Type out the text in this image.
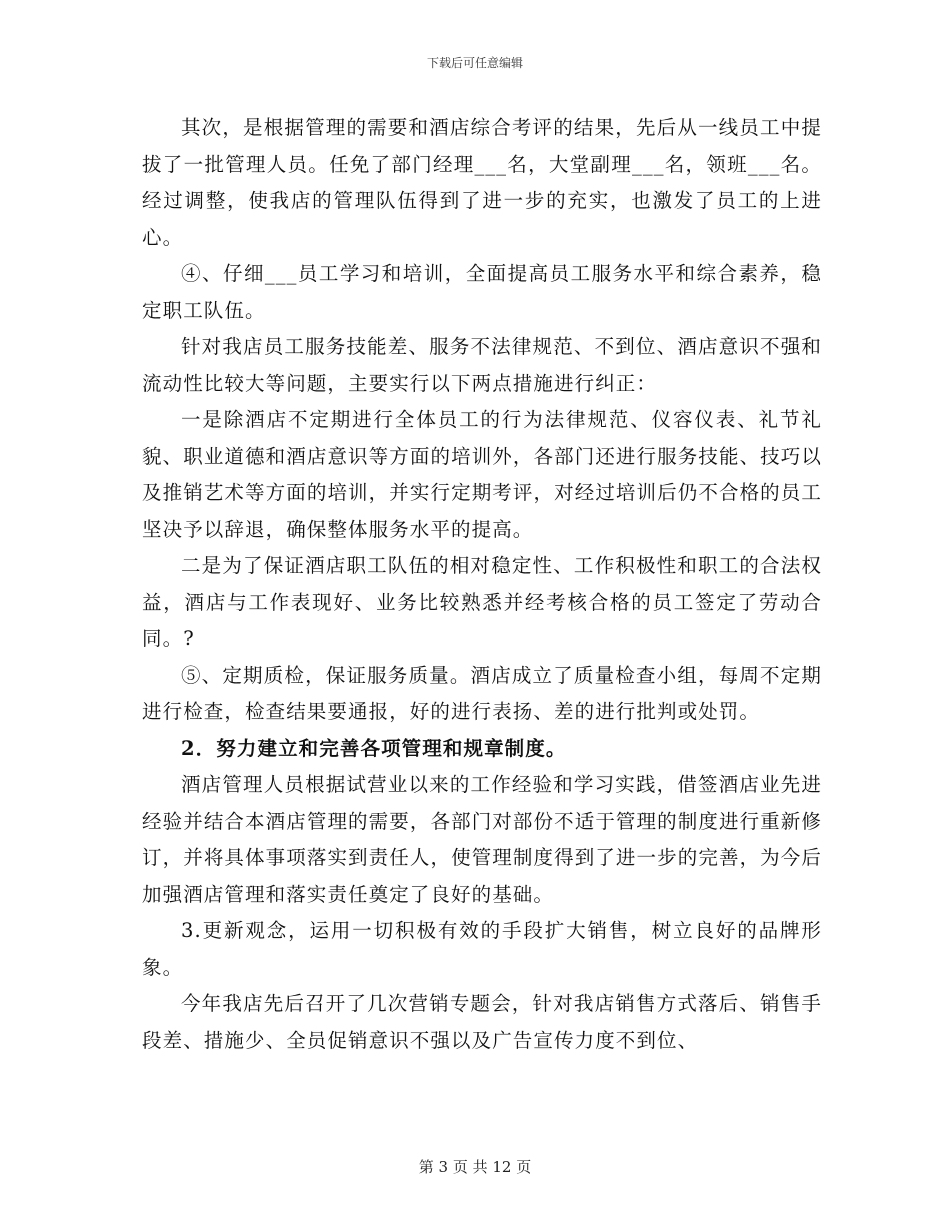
下载后可任意编辑

其次，是根据管理的需要和酒店综合考评的结果，先后从一线员工中提拔了一批管理人员。任免了部门经理___名，大堂副理___名，领班___名。经过调整，使我店的管理队伍得到了进一步的充实，也激发了员工的上进心。

④、仔细___员工学习和培训，全面提高员工服务水平和综合素养，稳定职工队伍。

针对我店员工服务技能差、服务不法律规范、不到位、酒店意识不强和流动性比较大等问题，主要实行以下两点措施进行纠正：

一是除酒店不定期进行全体员工的行为法律规范、仪容仪表、礼节礼貌、职业道德和酒店意识等方面的培训外，各部门还进行服务技能、技巧以及推销艺术等方面的培训，并实行定期考评，对经过培训后仍不合格的员工坚决予以辞退，确保整体服务水平的提高。

二是为了保证酒店职工队伍的相对稳定性、工作积极性和职工的合法权益，酒店与工作表现好、业务比较熟悉并经考核合格的员工签定了劳动合同。?

⑤、定期质检，保证服务质量。酒店成立了质量检查小组，每周不定期进行检查，检查结果要通报，好的进行表扬、差的进行批判或处罚。

2．努力建立和完善各项管理和规章制度。

酒店管理人员根据试营业以来的工作经验和学习实践，借签酒店业先进经验并结合本酒店管理的需要，各部门对部份不适于管理的制度进行重新修订，并将具体事项落实到责任人，使管理制度得到了进一步的完善，为今后加强酒店管理和落实责任奠定了良好的基础。

3.更新观念，运用一切积极有效的手段扩大销售，树立良好的品牌形象。

今年我店先后召开了几次营销专题会，针对我店销售方式落后、销售手段差、措施少、全员促销意识不强以及广告宣传力度不到位、

第 3 页 共 12 页
